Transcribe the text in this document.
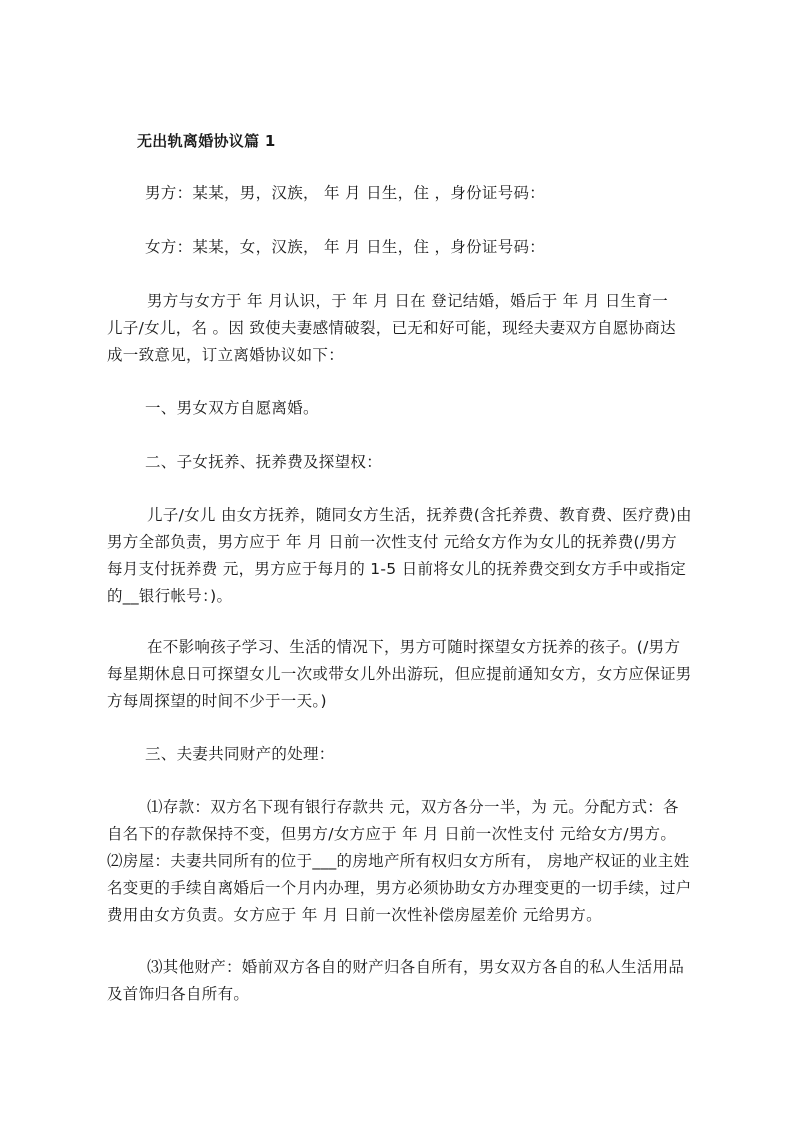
无出轨离婚协议篇 1
男方：某某，男，汉族， 年 月 日生，住 ，身份证号码：
女方：某某，女，汉族， 年 月 日生，住 ，身份证号码：
男方与女方于 年 月认识，于 年 月 日在 登记结婚，婚后于 年 月 日生育一
儿子/女儿，名 。因 致使夫妻感情破裂，已无和好可能，现经夫妻双方自愿协商达
成一致意见，订立离婚协议如下：
一、男女双方自愿离婚。
二、子女抚养、抚养费及探望权：
儿子/女儿 由女方抚养，随同女方生活，抚养费(含托养费、教育费、医疗费)由
男方全部负责，男方应于 年 月 日前一次性支付 元给女方作为女儿的抚养费(/男方
每月支付抚养费 元，男方应于每月的 1-5 日前将女儿的抚养费交到女方手中或指定
的__银行帐号：)。
在不影响孩子学习、生活的情况下，男方可随时探望女方抚养的孩子。(/男方
每星期休息日可探望女儿一次或带女儿外出游玩，但应提前通知女方，女方应保证男
方每周探望的时间不少于一天。)
三、夫妻共同财产的处理：
⑴存款：双方名下现有银行存款共 元，双方各分一半，为 元。分配方式：各
自名下的存款保持不变，但男方/女方应于 年 月 日前一次性支付 元给女方/男方。
⑵房屋：夫妻共同所有的位于___的房地产所有权归女方所有， 房地产权证的业主姓
名变更的手续自离婚后一个月内办理，男方必须协助女方办理变更的一切手续，过户
费用由女方负责。女方应于 年 月 日前一次性补偿房屋差价 元给男方。
⑶其他财产：婚前双方各自的财产归各自所有，男女双方各自的私人生活用品
及首饰归各自所有。
